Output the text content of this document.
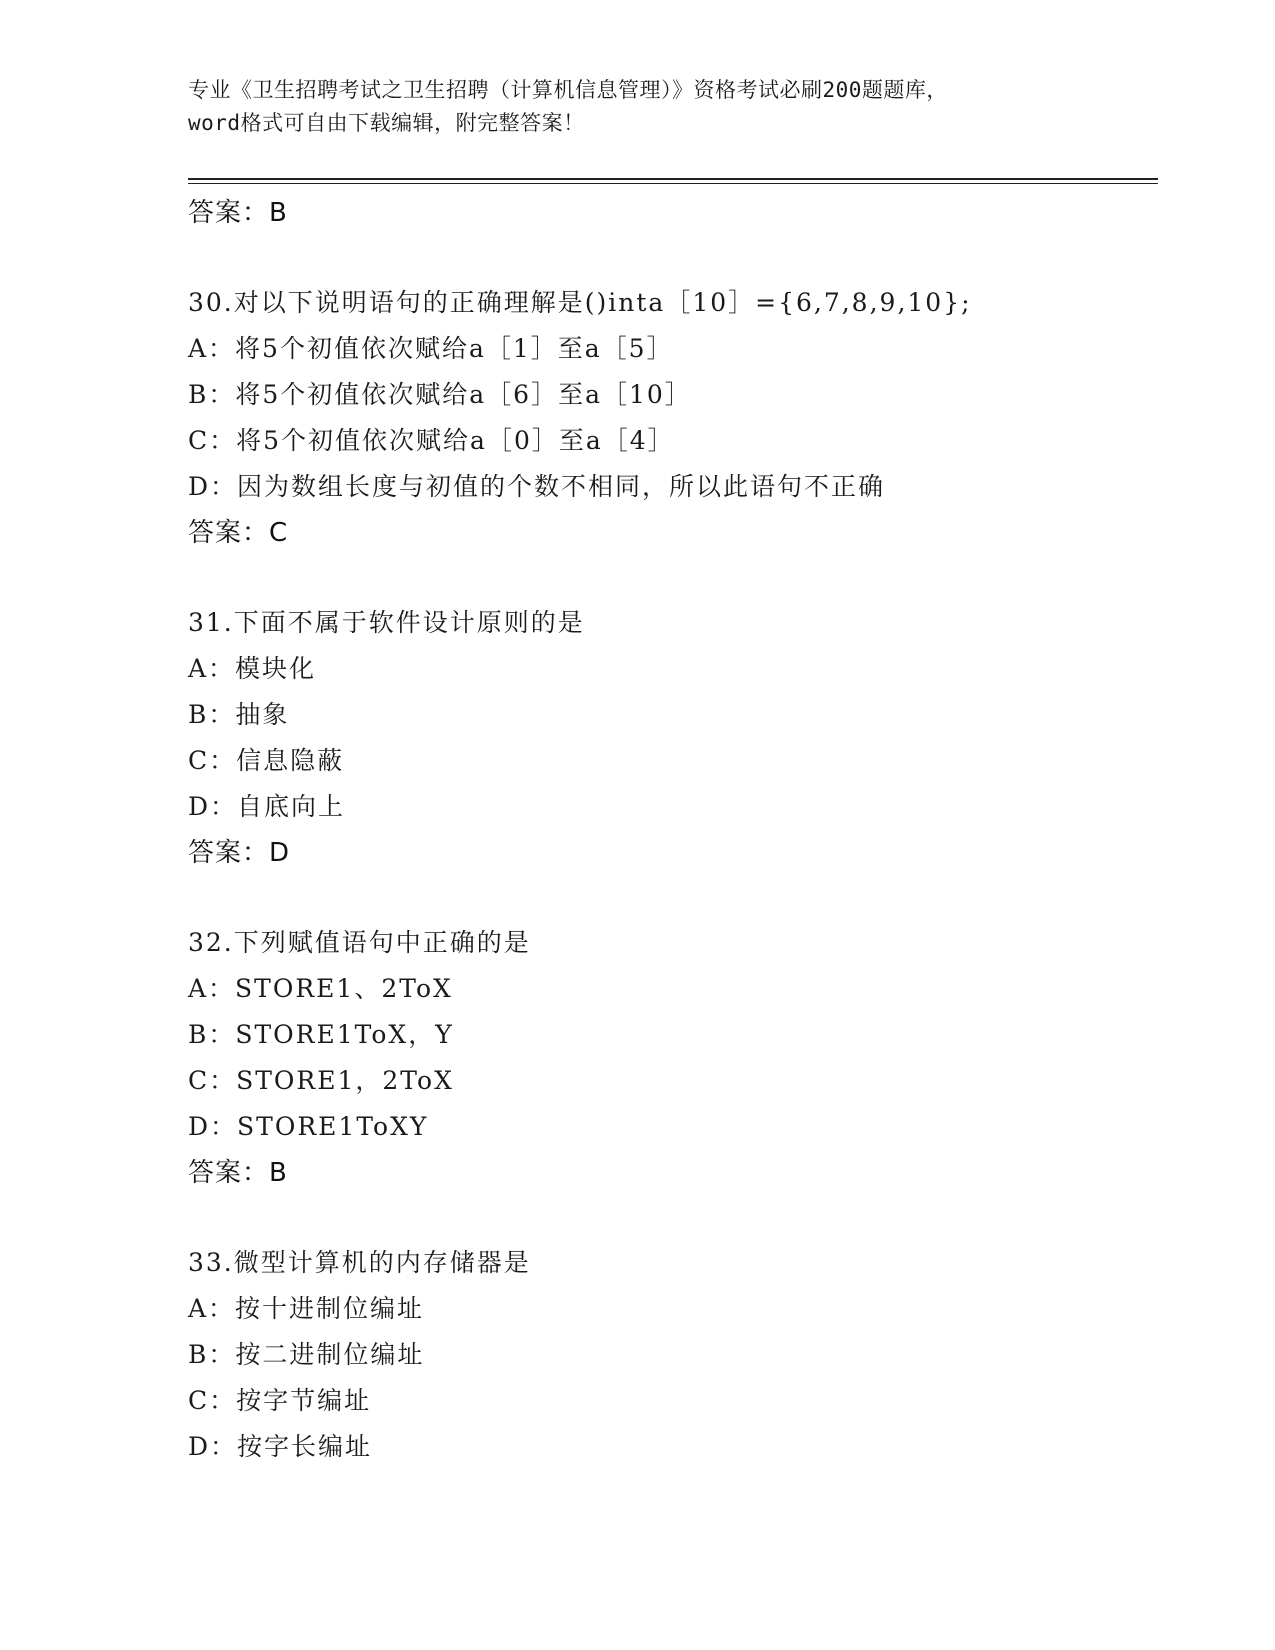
专业《卫生招聘考试之卫生招聘（计算机信息管理）》资格考试必刷200题题库，
word格式可自由下载编辑，附完整答案！
答案：B
30.对以下说明语句的正确理解是()inta［10］={6,7,8,9,10};
A：将5个初值依次赋给a［1］至a［5］
B：将5个初值依次赋给a［6］至a［10］
C：将5个初值依次赋给a［0］至a［4］
D：因为数组长度与初值的个数不相同，所以此语句不正确
答案：C
31.下面不属于软件设计原则的是
A：模块化
B：抽象
C：信息隐蔽
D：自底向上
答案：D
32.下列赋值语句中正确的是
A：STORE1、2ToX
B：STORE1ToX，Y
C：STORE1，2ToX
D：STORE1ToXY
答案：B
33.微型计算机的内存储器是
A：按十进制位编址
B：按二进制位编址
C：按字节编址
D：按字长编址
